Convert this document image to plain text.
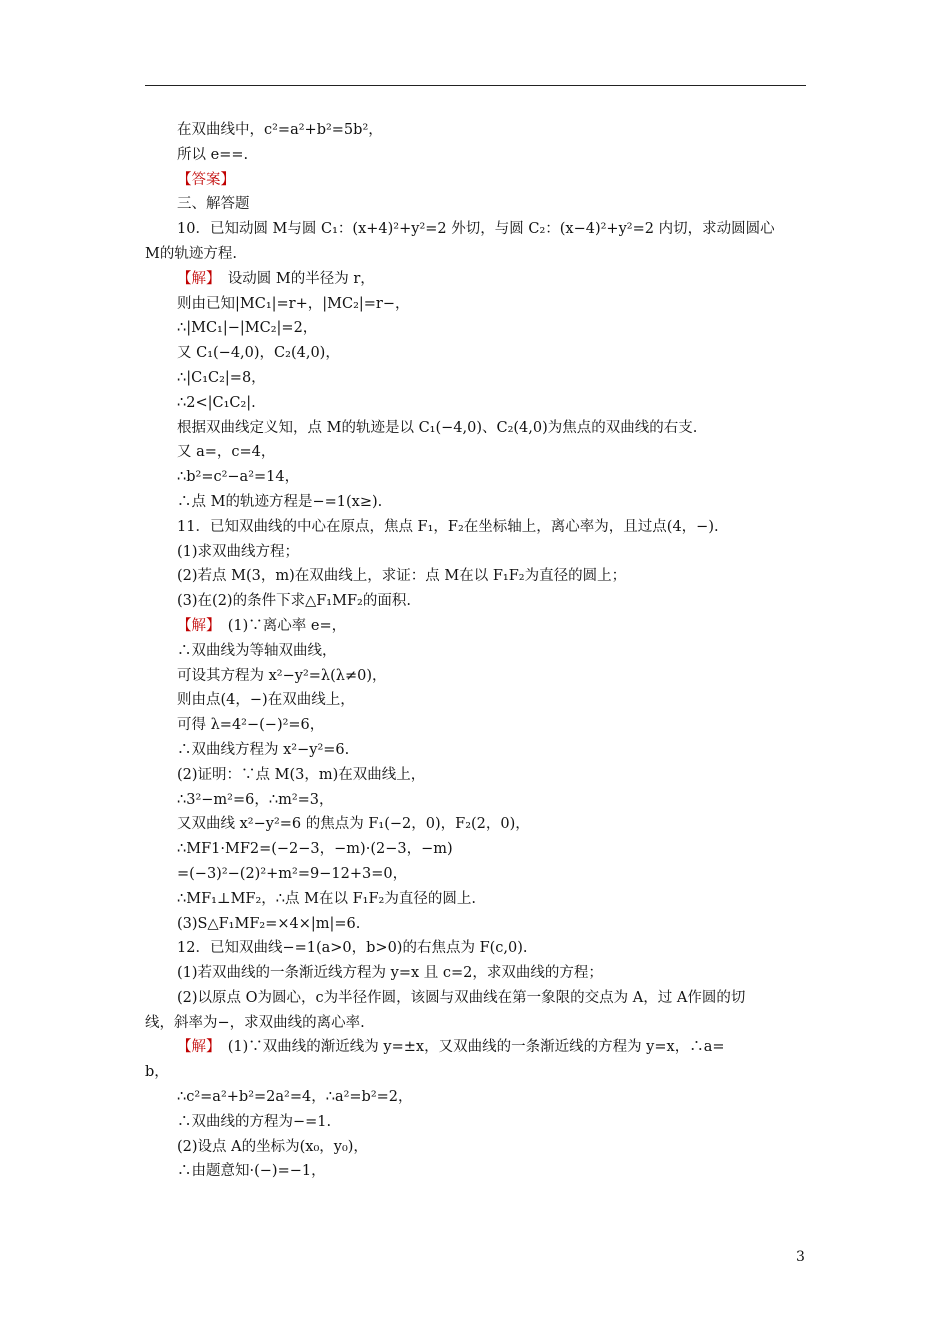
在双曲线中，c²=a²+b²=5b²，
所以 e==.
【答案】
三、解答题
10．已知动圆 M与圆 C₁：(x+4)²+y²=2 外切，与圆 C₂：(x−4)²+y²=2 内切，求动圆圆心
M的轨迹方程.
【解】　设动圆 M的半径为 r，
则由已知|MC₁|=r+，|MC₂|=r−，
∴|MC₁|−|MC₂|=2，
又 C₁(−4,0)，C₂(4,0)，
∴|C₁C₂|=8，
∴2<|C₁C₂|.
根据双曲线定义知，点 M的轨迹是以 C₁(−4,0)、C₂(4,0)为焦点的双曲线的右支.
又 a=，c=4，
∴b²=c²−a²=14，
∴点 M的轨迹方程是−=1(x≥).
11．已知双曲线的中心在原点，焦点 F₁，F₂在坐标轴上，离心率为，且过点(4，−).
(1)求双曲线方程；
(2)若点 M(3，m)在双曲线上，求证：点 M在以 F₁F₂为直径的圆上；
(3)在(2)的条件下求△F₁MF₂的面积.
【解】　(1)∵离心率 e=，
∴双曲线为等轴双曲线，
可设其方程为 x²−y²=λ(λ≠0)，
则由点(4，−)在双曲线上，
可得 λ=4²−(−)²=6，
∴双曲线方程为 x²−y²=6.
(2)证明：∵点 M(3，m)在双曲线上，
∴3²−m²=6，∴m²=3，
又双曲线 x²−y²=6 的焦点为 F₁(−2，0)，F₂(2，0)，
∴MF1·MF2=(−2−3，−m)·(2−3，−m)
=(−3)²−(2)²+m²=9−12+3=0，
∴MF₁⊥MF₂，∴点 M在以 F₁F₂为直径的圆上.
(3)S△F₁MF₂=×4×|m|=6.
12．已知双曲线−=1(a>0，b>0)的右焦点为 F(c,0).
(1)若双曲线的一条渐近线方程为 y=x 且 c=2，求双曲线的方程；
(2)以原点 O为圆心，c为半径作圆，该圆与双曲线在第一象限的交点为 A，过 A作圆的切
线，斜率为−，求双曲线的离心率.
【解】　(1)∵双曲线的渐近线为 y=±x，又双曲线的一条渐近线的方程为 y=x，∴a=
b，
∴c²=a²+b²=2a²=4，∴a²=b²=2，
∴双曲线的方程为−=1.
(2)设点 A的坐标为(x₀，y₀)，
∴由题意知·(−)=−1，
3
